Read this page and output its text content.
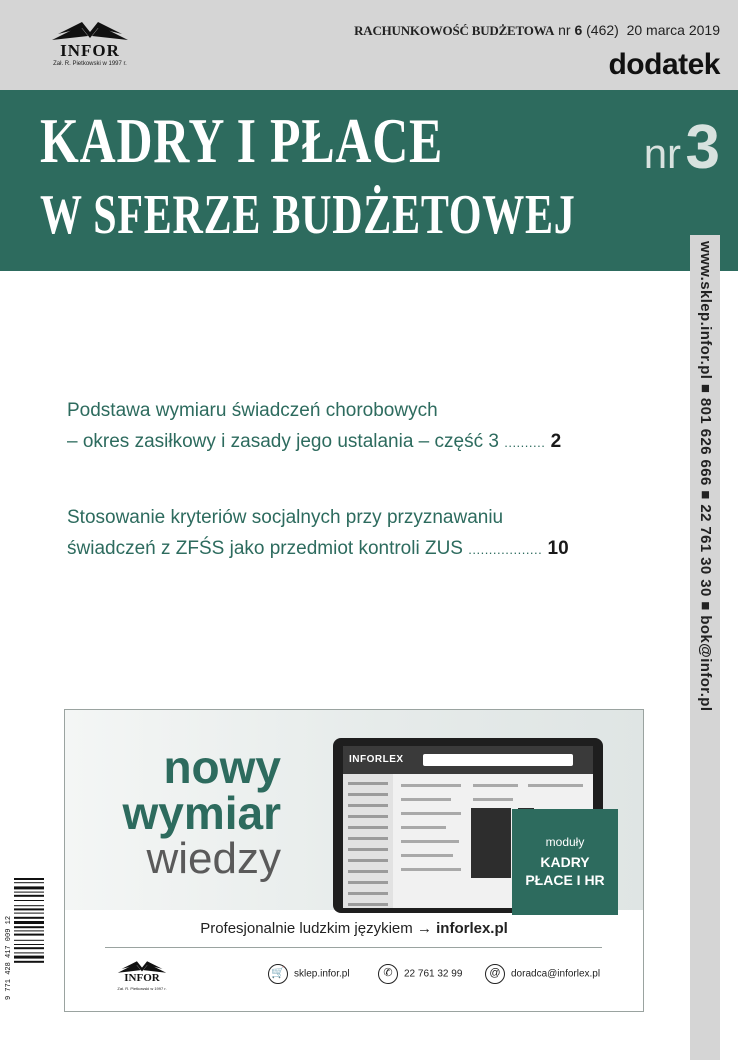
INFOR
Zał. R. Pietkowski w 1997 r.
RACHUNKOWOŚĆ BUDŻETOWA nr 6 (462) 20 marca 2019
dodatek
KADRY I PŁACE
W SFERZE BUDŻETOWEJ
nr 3
www.sklep.infor.pl ■ 801 626 666 ■ 22 761 30 30 ■ bok@infor.pl
Podstawa wymiaru świadczeń chorobowych
– okres zasiłkowy i zasady jego ustalania – część 3 .......... 2
Stosowanie kryteriów socjalnych przy przyznawaniu
świadczeń z ZFŚS jako przedmiot kontroli ZUS .................. 10
nowy
wymiar
wiedzy
INFORLEX
moduły
KADRY
PŁACE I HR
Profesjonalnie ludzkim językiem → inforlex.pl
INFOR
Zał. R. Pietkowski w 1997 r.
🛒 sklep.infor.pl	✆ 22 761 32 99	@ doradca@inforlex.pl
9 771 428 417 009 12
